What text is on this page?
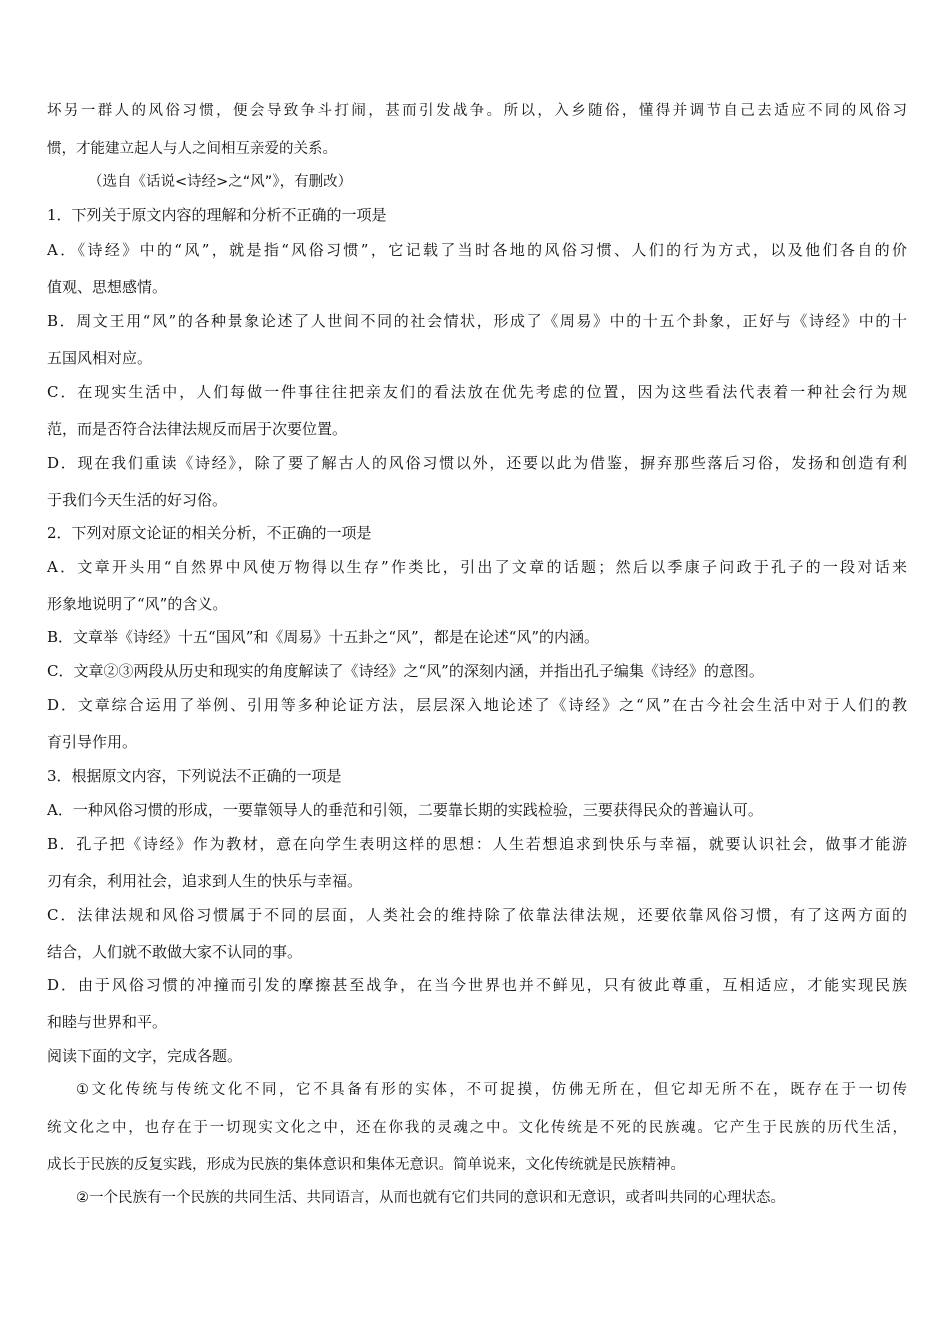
坏另一群人的风俗习惯，便会导致争斗打闹，甚而引发战争。所以，入乡随俗，懂得并调节自己去适应不同的风俗习
惯，才能建立起人与人之间相互亲爱的关系。
（选自《话说<诗经>之“风”》，有删改）
1．下列关于原文内容的理解和分析不正确的一项是
A．《诗经》中的“风”，就是指“风俗习惯”，它记载了当时各地的风俗习惯、人们的行为方式，以及他们各自的价
值观、思想感情。
B．周文王用“风”的各种景象论述了人世间不同的社会情状，形成了《周易》中的十五个卦象，正好与《诗经》中的十
五国风相对应。
C．在现实生活中，人们每做一件事往往把亲友们的看法放在优先考虑的位置，因为这些看法代表着一种社会行为规
范，而是否符合法律法规反而居于次要位置。
D．现在我们重读《诗经》，除了要了解古人的风俗习惯以外，还要以此为借鉴，摒弃那些落后习俗，发扬和创造有利
于我们今天生活的好习俗。
2．下列对原文论证的相关分析，不正确的一项是
A．文章开头用“自然界中风使万物得以生存”作类比，引出了文章的话题；然后以季康子问政于孔子的一段对话来
形象地说明了“风”的含义。
B．文章举《诗经》十五“国风”和《周易》十五卦之“风”，都是在论述“风”的内涵。
C．文章②③两段从历史和现实的角度解读了《诗经》之“风”的深刻内涵，并指出孔子编集《诗经》的意图。
D．文章综合运用了举例、引用等多种论证方法，层层深入地论述了《诗经》之“风”在古今社会生活中对于人们的教
育引导作用。
3．根据原文内容，下列说法不正确的一项是
A．一种风俗习惯的形成，一要靠领导人的垂范和引领，二要靠长期的实践检验，三要获得民众的普遍认可。
B．孔子把《诗经》作为教材，意在向学生表明这样的思想：人生若想追求到快乐与幸福，就要认识社会，做事才能游
刃有余，利用社会，追求到人生的快乐与幸福。
C．法律法规和风俗习惯属于不同的层面，人类社会的维持除了依靠法律法规，还要依靠风俗习惯，有了这两方面的
结合，人们就不敢做大家不认同的事。
D．由于风俗习惯的冲撞而引发的摩擦甚至战争，在当今世界也并不鲜见，只有彼此尊重，互相适应，才能实现民族
和睦与世界和平。
阅读下面的文字，完成各题。
①文化传统与传统文化不同，它不具备有形的实体，不可捉摸，仿佛无所在，但它却无所不在，既存在于一切传
统文化之中，也存在于一切现实文化之中，还在你我的灵魂之中。文化传统是不死的民族魂。它产生于民族的历代生活，
成长于民族的反复实践，形成为民族的集体意识和集体无意识。简单说来，文化传统就是民族精神。
②一个民族有一个民族的共同生活、共同语言，从而也就有它们共同的意识和无意识，或者叫共同的心理状态。
